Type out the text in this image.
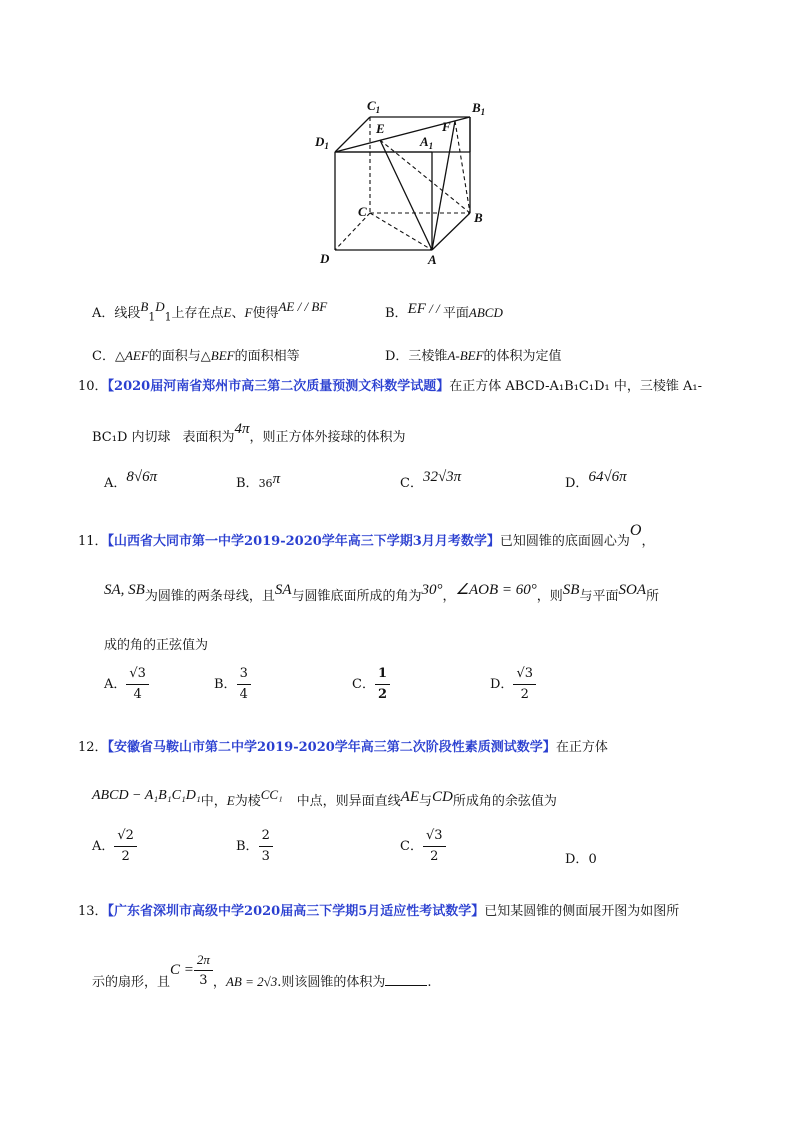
$C_1$	$B_1$
$D_1$	$A_1$
E	F
C	B
D	A
A．线段$B_1D_1$上存在点E、F使得AE / / BF	B．EF / / 平面ABCD
C．△AEF的面积与△BEF的面积相等	D．三棱锥A-BEF的体积为定值
10．【2020届河南省郑州市高三第二次质量预测文科数学试题】在正方体 ABCD-A₁B₁C₁D₁ 中，三棱锥 A₁-
BC₁D 内切球 表面积为4π，则正方体外接球的体积为
A．8√6π	B．36π	C．32√3π	D．64√6π
11．【山西省大同市第一中学2019-2020学年高三下学期3月月考数学】已知圆锥的底面圆心为O，
SA, SB为圆锥的两条母线，且SA与圆锥底面所成的角为30°，∠AOB = 60°，则SB与平面SOA所
成的角的正弦值为
A． $\frac{√3}{4}$	B． $\frac{3}{4}$	C． $\frac{1}{2}$	D． $\frac{√3}{2}$
12．【安徽省马鞍山市第二中学2019-2020学年高三第二次阶段性素质测试数学】在正方体
ABCD − A₁B₁C₁D₁中，E为棱CC₁ 中点，则异面直线AE与CD所成角的余弦值为
A． $\frac{√2}{2}$	B． $\frac{2}{3}$	C． $\frac{√3}{2}$	D．0
13．【广东省深圳市高级中学2020届高三下学期5月适应性考试数学】已知某圆锥的侧面展开图为如图所
示的扇形，且$C = \frac{2\pi}{3}$ ，AB = 2√3.则该圆锥的体积为	.
